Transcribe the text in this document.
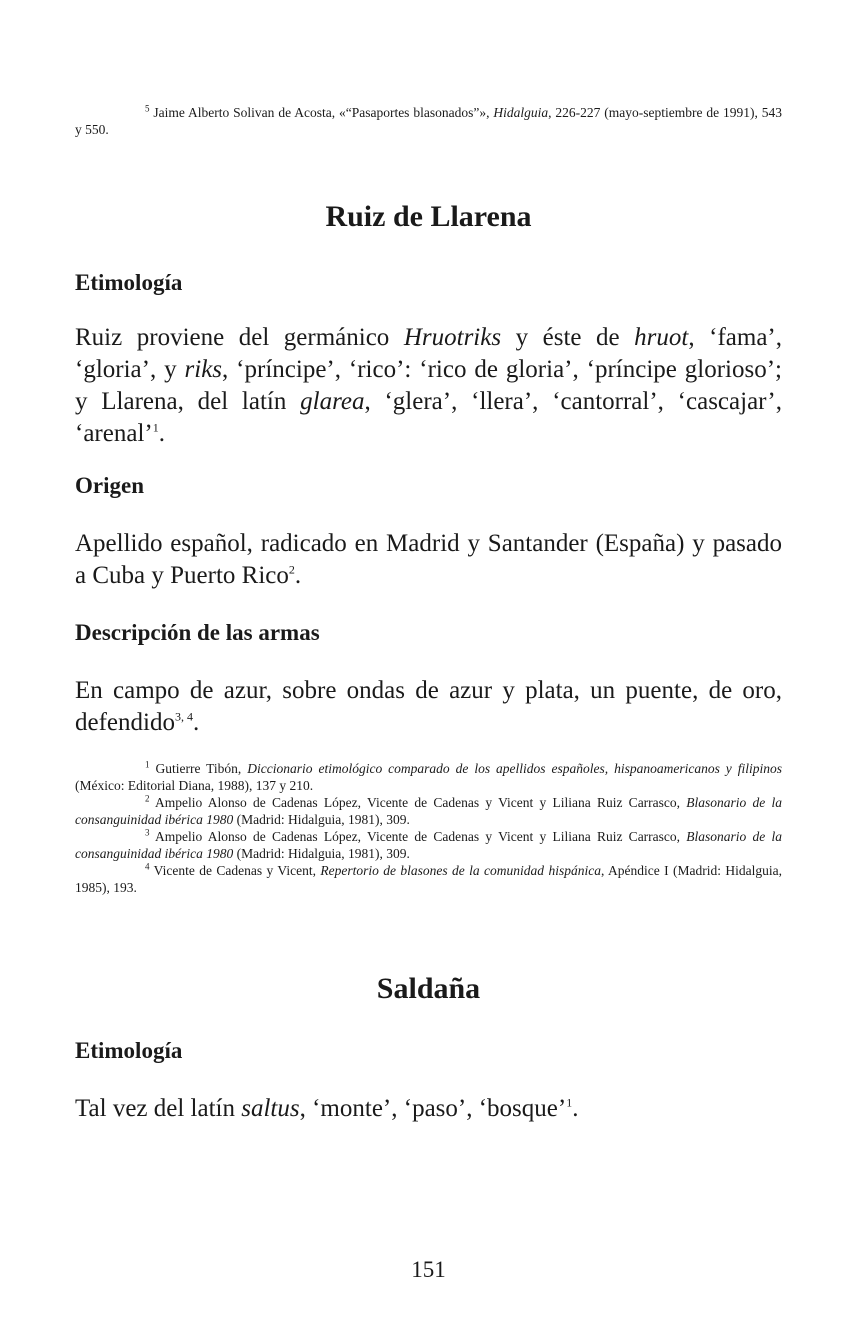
$^5$ Jaime Alberto Solivan de Acosta, «“Pasaportes blasonados”», Hidalguia, 226-227 (mayo-septiembre de 1991), 543 y 550.

Ruiz de Llarena
Etimología

Ruiz proviene del germánico Hruotriks y éste de hruot, ‘fama’, ‘gloria’, y riks, ‘príncipe’, ‘rico’: ‘rico de gloria’, ‘príncipe glorioso’; y Llarena, del latín glarea, ‘glera’, ‘llera’, ‘cantorral’, ‘cascajar’, ‘arenal’$^1$.

Origen

Apellido español, radicado en Madrid y Santander (España) y pasado a Cuba y Puerto Rico$^2$.

Descripción de las armas

En campo de azur, sobre ondas de azur y plata, un puente, de oro, defendido$^{3, 4}$.

$^1$ Gutierre Tibón, Diccionario etimológico comparado de los apellidos españoles, hispanoamericanos y filipinos (México: Editorial Diana, 1988), 137 y 210.

$^2$ Ampelio Alonso de Cadenas López, Vicente de Cadenas y Vicent y Liliana Ruiz Carrasco, Blasonario de la consanguinidad ibérica 1980 (Madrid: Hidalguia, 1981), 309.

$^3$ Ampelio Alonso de Cadenas López, Vicente de Cadenas y Vicent y Liliana Ruiz Carrasco, Blasonario de la consanguinidad ibérica 1980 (Madrid: Hidalguia, 1981), 309.

$^4$ Vicente de Cadenas y Vicent, Repertorio de blasones de la comunidad hispánica, Apéndice I (Madrid: Hidalguia, 1985), 193.

Saldaña
Etimología

Tal vez del latín saltus, ‘monte’, ‘paso’, ‘bosque’$^1$.

151
